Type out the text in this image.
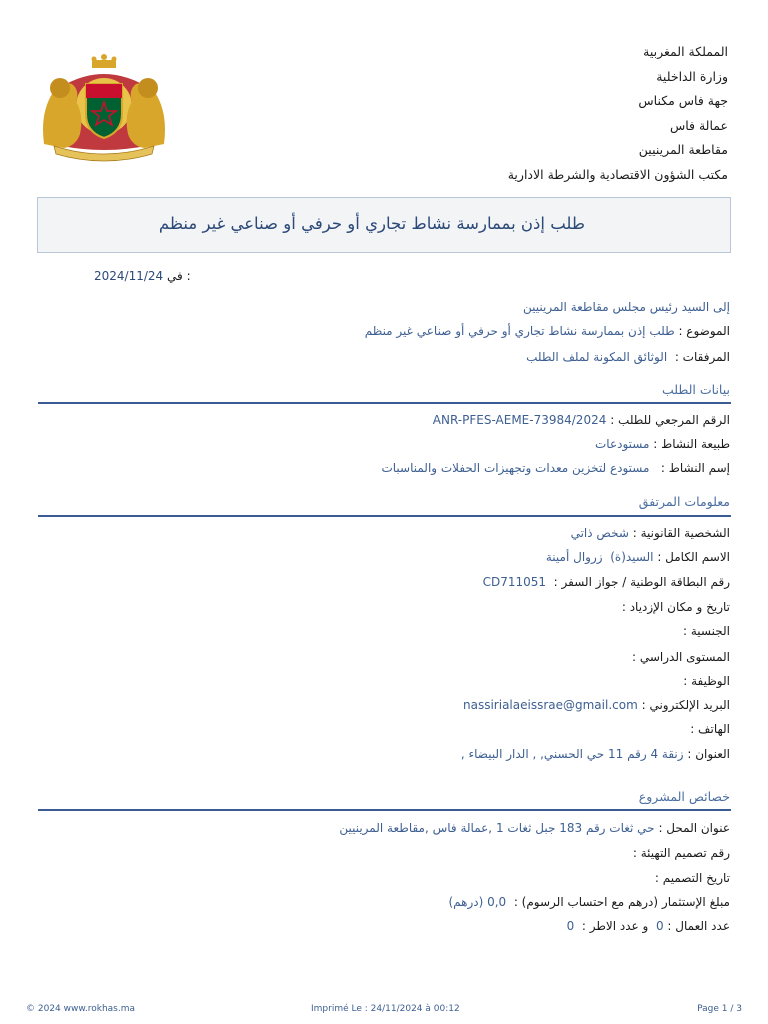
المملكة المغربية
وزارة الداخلية
جهة فاس مكناس
عمالة فاس
مقاطعة المرينيين
مكتب الشؤون الاقتصادية والشرطة الادارية
طلب إذن بممارسة نشاط تجاري أو حرفي أو صناعي غير منظم
2024/11/24 في :
إلى السيد رئيس مجلس مقاطعة المرينيين
الموضوع : طلب إذن بممارسة نشاط تجاري أو حرفي أو صناعي غير منظم
المرفقات :  الوثائق المكونة لملف الطلب
بيانات الطلب
الرقم المرجعي للطلب : ANR-PFES-AEME-73984/2024
طبيعة النشاط : مستودعات
إسم النشاط :   مستودع لتخزين معدات وتجهيزات الحفلات والمناسبات
معلومات المرتفق
الشخصية القانونية : شخص ذاتي
الاسم الكامل : السيد(ة)  زروال أمينة
رقم البطاقة الوطنية / جواز السفر :  CD711051
تاريخ و مكان الإزدياد :
الجنسية :
المستوى الدراسي :
الوظيفة :
البريد الإلكتروني : nassirialaeissrae@gmail.com
الهاتف :
العنوان : زنقة 4 رقم 11 حي الحسني, , الدار البيضاء ,
خصائص المشروع
عنوان المحل : حي ثغات رقم 183 جبل ثغات 1 ,عمالة فاس ,مقاطعة المرينيين
رقم تصميم التهيئة :
تاريخ التصميم :
مبلغ الإستثمار (درهم مع احتساب الرسوم) :  0,0 (درهم)
عدد العمال : 0  و عدد الاطر :  0
© 2024 www.rokhas.ma	Imprimé Le : 24/11/2024 à 00:12	Page 1 / 3
